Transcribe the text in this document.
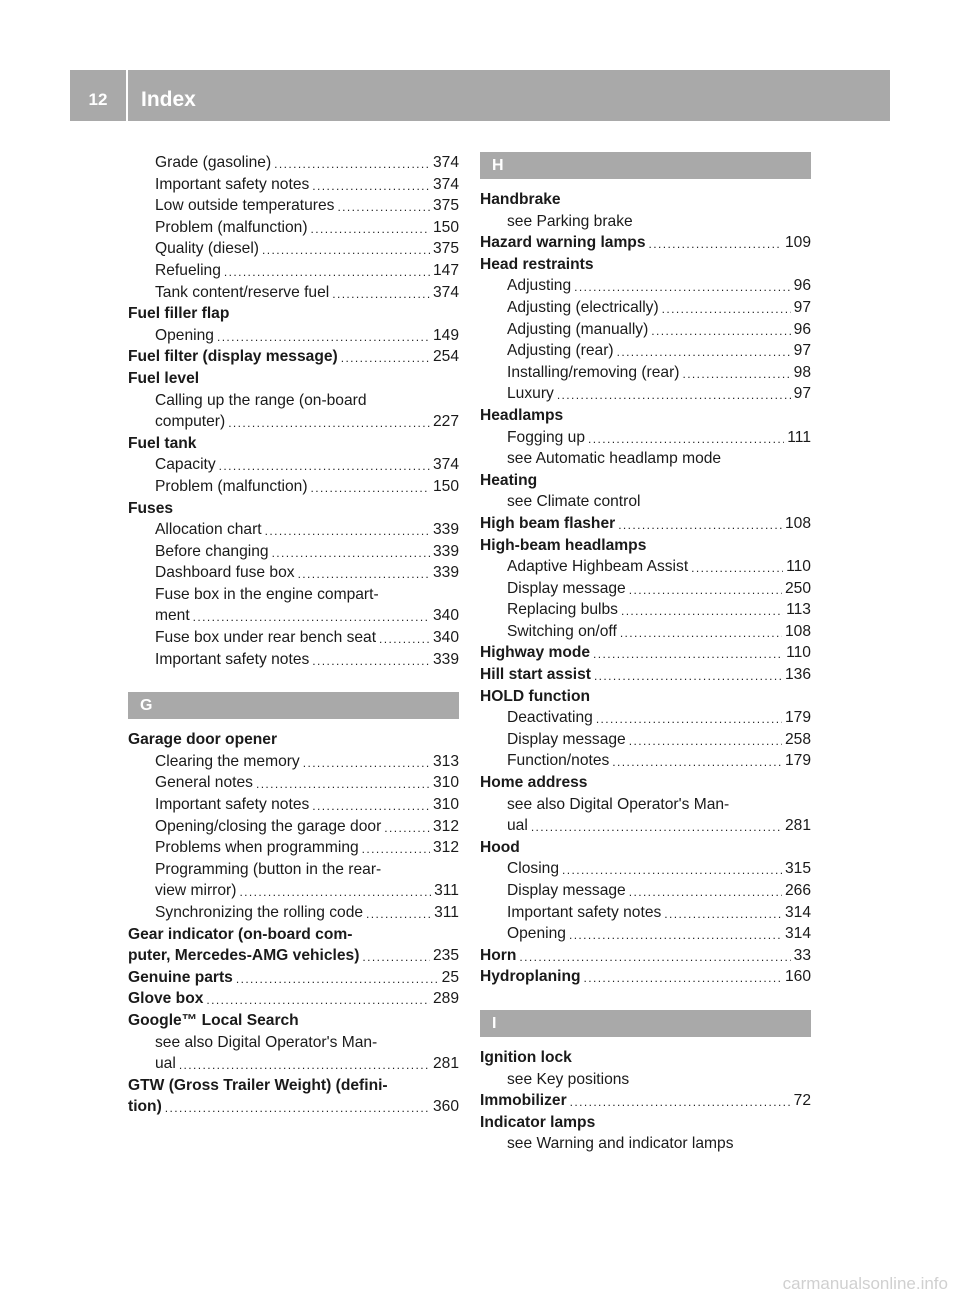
12	Index
Grade (gasoline) .....	374
Important safety notes .....	374
Low outside temperatures .....	375
Problem (malfunction) .....	150
Quality (diesel) .....	375
Refueling .....	147
Tank content/reserve fuel .....	374
Fuel filler flap
Opening .....	149
Fuel filter (display message) .....	254
Fuel level
Calling up the range (on-board
computer) .....	227
Fuel tank
Capacity .....	374
Problem (malfunction) .....	150
Fuses
Allocation chart .....	339
Before changing .....	339
Dashboard fuse box .....	339
Fuse box in the engine compart-
ment .....	340
Fuse box under rear bench seat .....	340
Important safety notes .....	339
G
Garage door opener
Clearing the memory .....	313
General notes .....	310
Important safety notes .....	310
Opening/closing the garage door .....	312
Problems when programming .....	312
Programming (button in the rear-
view mirror) .....	311
Synchronizing the rolling code .....	311
Gear indicator (on-board com-
puter, Mercedes-AMG vehicles) .....	235
Genuine parts .....	25
Glove box .....	289
Google™ Local Search
see also Digital Operator's Man-
ual .....	281
GTW (Gross Trailer Weight) (defini-
tion) .....	360
H
Handbrake
see Parking brake
Hazard warning lamps .....	109
Head restraints
Adjusting .....	96
Adjusting (electrically) .....	97
Adjusting (manually) .....	96
Adjusting (rear) .....	97
Installing/removing (rear) .....	98
Luxury .....	97
Headlamps
Fogging up .....	111
see Automatic headlamp mode
Heating
see Climate control
High beam flasher .....	108
High-beam headlamps
Adaptive Highbeam Assist .....	110
Display message .....	250
Replacing bulbs .....	113
Switching on/off .....	108
Highway mode .....	110
Hill start assist .....	136
HOLD function
Deactivating .....	179
Display message .....	258
Function/notes .....	179
Home address
see also Digital Operator's Man-
ual .....	281
Hood
Closing .....	315
Display message .....	266
Important safety notes .....	314
Opening .....	314
Horn .....	33
Hydroplaning .....	160
I
Ignition lock
see Key positions
Immobilizer .....	72
Indicator lamps
see Warning and indicator lamps
carmanualsonline.info
